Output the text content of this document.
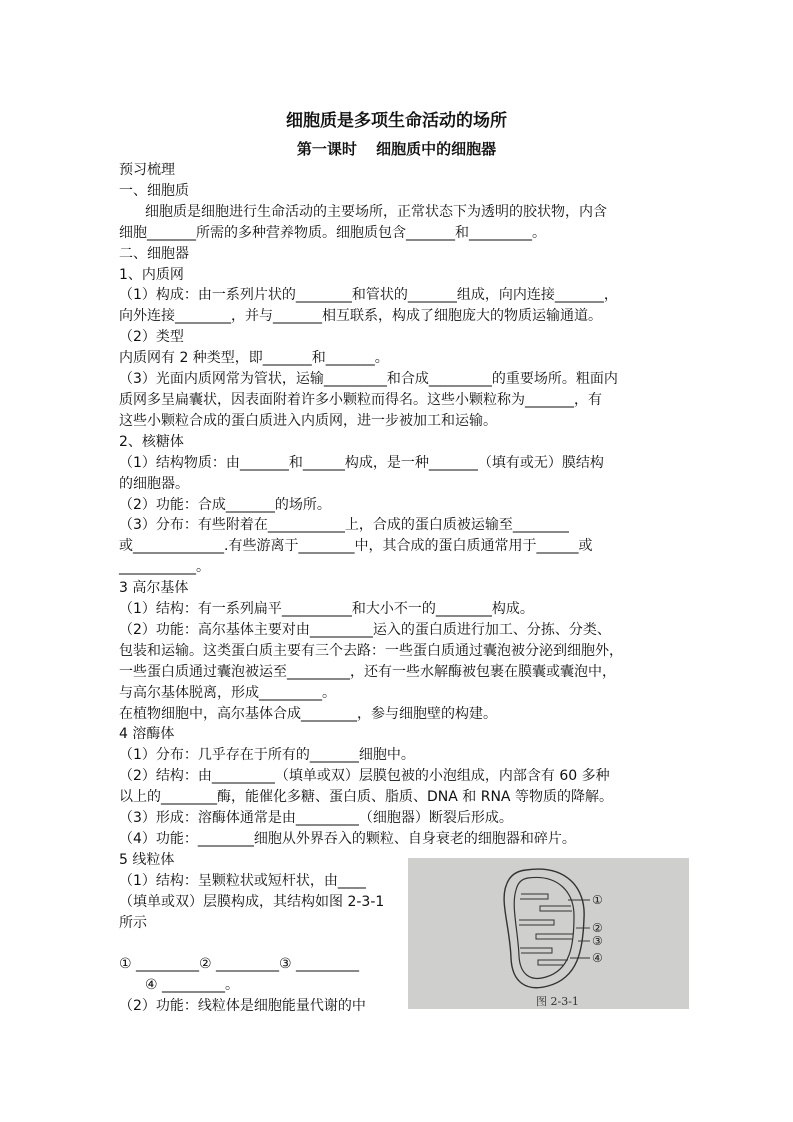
细胞质是多项生命活动的场所
第一课时 细胞质中的细胞器
预习梳理
一、细胞质
细胞质是细胞进行生命活动的主要场所，正常状态下为透明的胶状物，内含
细胞_______所需的多种营养物质。细胞质包含_______和_________。
二、细胞器
1、内质网
（1）构成：由一系列片状的________和管状的_______组成，向内连接_______，
向外连接________，并与_______相互联系，构成了细胞庞大的物质运输通道。
（2）类型
内质网有 2 种类型，即_______和_______。
（3）光面内质网常为管状，运输_________和合成_________的重要场所。粗面内
质网多呈扁囊状，因表面附着许多小颗粒而得名。这些小颗粒称为_______，有
这些小颗粒合成的蛋白质进入内质网，进一步被加工和运输。
2、核糖体
（1）结构物质：由_______和______构成，是一种_______（填有或无）膜结构
的细胞器。
（2）功能：合成_______的场所。
（3）分布：有些附着在___________上，合成的蛋白质被运输至________
或_____________.有些游离于________中，其合成的蛋白质通常用于______或
___________。
3 高尔基体
（1）结构：有一系列扁平__________和大小不一的________构成。
（2）功能：高尔基体主要对由_________运入的蛋白质进行加工、分拣、分类、
包装和运输。这类蛋白质主要有三个去路：一些蛋白质通过囊泡被分泌到细胞外，
一些蛋白质通过囊泡被运至_________，还有一些水解酶被包裹在膜囊或囊泡中，
与高尔基体脱离，形成_________。
在植物细胞中，高尔基体合成________，参与细胞壁的构建。
4 溶酶体
（1）分布：几乎存在于所有的_______细胞中。
（2）结构：由_________（填单或双）层膜包被的小泡组成，内部含有 60 多种
以上的________酶，能催化多糖、蛋白质、脂质、DNA 和 RNA 等物质的降解。
（3）形成：溶酶体通常是由_________（细胞器）断裂后形成。
（4）功能：________细胞从外界吞入的颗粒、自身衰老的细胞器和碎片。
5 线粒体
（1）结构：呈颗粒状或短杆状，由____
（填单或双）层膜构成，其结构如图 2-3-1
所示

① _________② _________③ _________
④ _________。
（2）功能：线粒体是细胞能量代谢的中
①
②
③
④
图 2-3-1
